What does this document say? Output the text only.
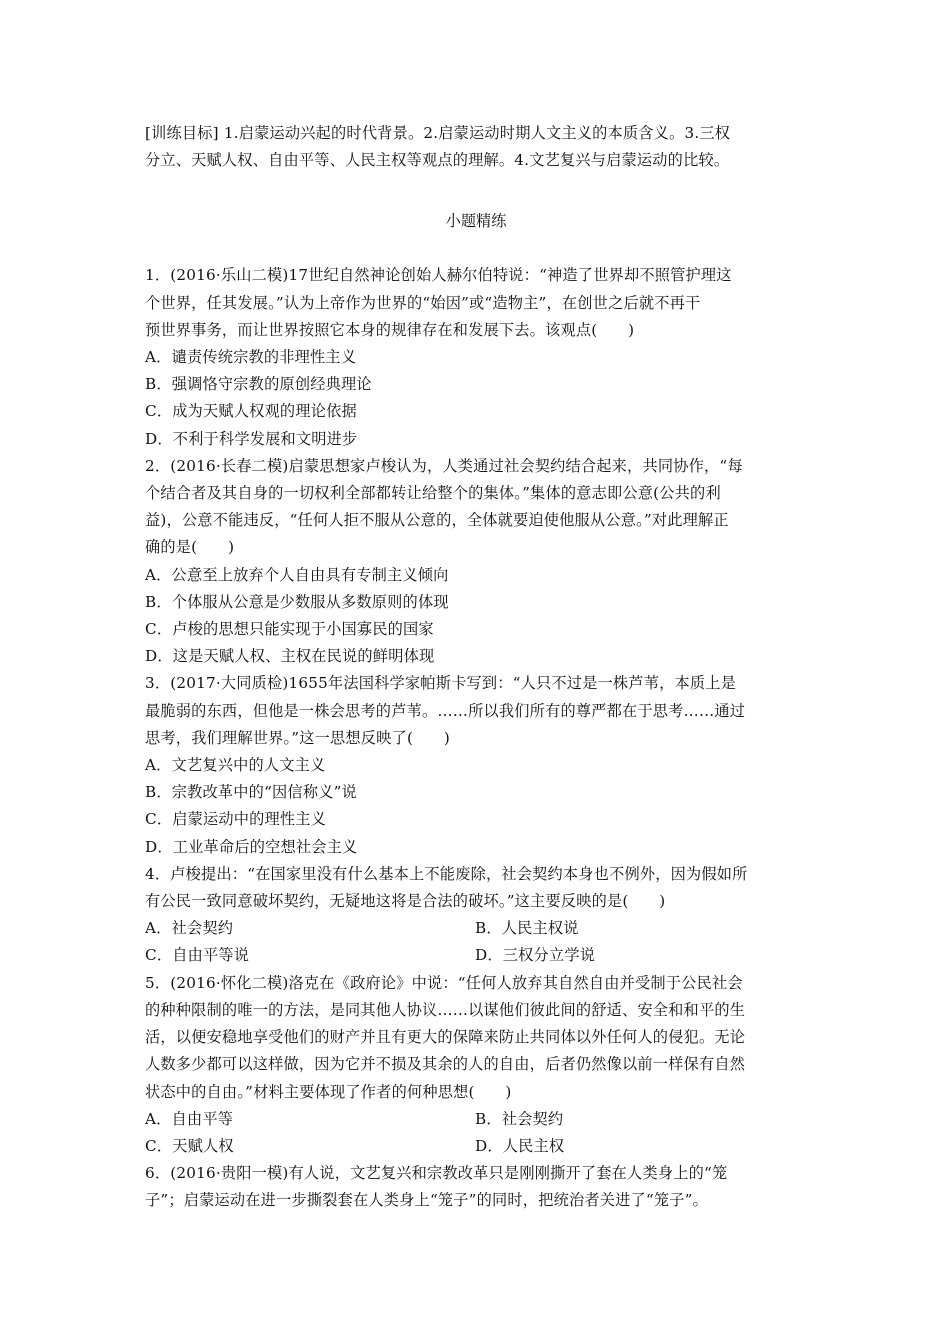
[训练目标] 1.启蒙运动兴起的时代背景。2.启蒙运动时期人文主义的本质含义。3.三权
分立、天赋人权、自由平等、人民主权等观点的理解。4.文艺复兴与启蒙运动的比较。
小题精练
1．(2016·乐山二模)17世纪自然神论创始人赫尔伯特说：“神造了世界却不照管护理这
个世界，任其发展。”认为上帝作为世界的“始因”或“造物主”，在创世之后就不再干
预世界事务，而让世界按照它本身的规律存在和发展下去。该观点(　　)
A．谴责传统宗教的非理性主义
B．强调恪守宗教的原创经典理论
C．成为天赋人权观的理论依据
D．不利于科学发展和文明进步
2．(2016·长春二模)启蒙思想家卢梭认为，人类通过社会契约结合起来，共同协作，“每
个结合者及其自身的一切权利全部都转让给整个的集体。”集体的意志即公意(公共的利
益)，公意不能违反，“任何人拒不服从公意的，全体就要迫使他服从公意。”对此理解正
确的是(　　)
A．公意至上放弃个人自由具有专制主义倾向
B．个体服从公意是少数服从多数原则的体现
C．卢梭的思想只能实现于小国寡民的国家
D．这是天赋人权、主权在民说的鲜明体现
3．(2017·大同质检)1655年法国科学家帕斯卡写到：“人只不过是一株芦苇，本质上是
最脆弱的东西，但他是一株会思考的芦苇。……所以我们所有的尊严都在于思考……通过
思考，我们理解世界。”这一思想反映了(　　)
A．文艺复兴中的人文主义
B．宗教改革中的“因信称义”说
C．启蒙运动中的理性主义
D．工业革命后的空想社会主义
4．卢梭提出：“在国家里没有什么基本上不能废除，社会契约本身也不例外，因为假如所
有公民一致同意破坏契约，无疑地这将是合法的破坏。”这主要反映的是(　　)
A．社会契约	B．人民主权说
C．自由平等说	D．三权分立学说
5．(2016·怀化二模)洛克在《政府论》中说：“任何人放弃其自然自由并受制于公民社会
的种种限制的唯一的方法，是同其他人协议……以谋他们彼此间的舒适、安全和和平的生
活，以便安稳地享受他们的财产并且有更大的保障来防止共同体以外任何人的侵犯。无论
人数多少都可以这样做，因为它并不损及其余的人的自由，后者仍然像以前一样保有自然
状态中的自由。”材料主要体现了作者的何种思想(　　)
A．自由平等	B．社会契约
C．天赋人权	D．人民主权
6．(2016·贵阳一模)有人说，文艺复兴和宗教改革只是刚刚撕开了套在人类身上的“笼
子”；启蒙运动在进一步撕裂套在人类身上“笼子”的同时，把统治者关进了“笼子”。
